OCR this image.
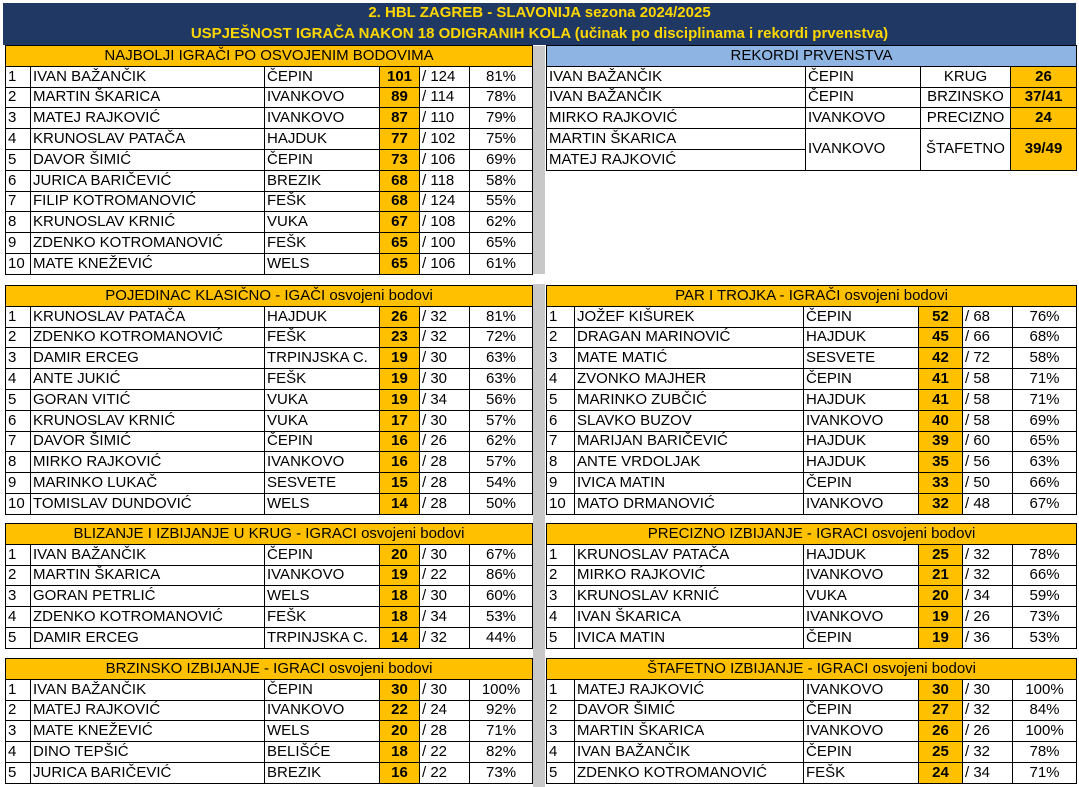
2. HBL ZAGREB - SLAVONIJA sezona 2024/2025
USPJEŠNOST IGRAČA NAKON 18 ODIGRANIH KOLA (učinak po disciplinama i rekordi prvenstva)
NAJBOLJI IGRAČI PO OSVOJENIM BODOVIMA					
1	IVAN BAŽANČIK	ČEPIN	101	/ 124	81%
2	MARTIN ŠKARICA	IVANKOVO	89	/ 114	78%
3	MATEJ RAJKOVIĆ	IVANKOVO	87	/ 110	79%
4	KRUNOSLAV PATAČA	HAJDUK	77	/ 102	75%
5	DAVOR ŠIMIĆ	ČEPIN	73	/ 106	69%
6	JURICA BARIČEVIĆ	BREZIK	68	/ 118	58%
7	FILIP KOTROMANOVIĆ	FEŠK	68	/ 124	55%
8	KRUNOSLAV KRNIĆ	VUKA	67	/ 108	62%
9	ZDENKO KOTROMANOVIĆ	FEŠK	65	/ 100	65%
10	MATE KNEŽEVIĆ	WELS	65	/ 106	61%
REKORDI PRVENSTVA			
IVAN BAŽANČIK	ČEPIN	KRUG	26
IVAN BAŽANČIK	ČEPIN	BRZINSKO	37/41
MIRKO RAJKOVIĆ	IVANKOVO	PRECIZNO	24
MARTIN ŠKARICA	IVANKOVO	ŠTAFETNO	39/49
MATEJ RAJKOVIĆ			
POJEDINAC KLASIČNO - IGAČI osvojeni bodovi					
1	KRUNOSLAV PATAČA	HAJDUK	26	/ 32	81%
2	ZDENKO KOTROMANOVIĆ	FEŠK	23	/ 32	72%
3	DAMIR ERCEG	TRPINJSKA C.	19	/ 30	63%
4	ANTE JUKIĆ	FEŠK	19	/ 30	63%
5	GORAN VITIĆ	VUKA	19	/ 34	56%
6	KRUNOSLAV KRNIĆ	VUKA	17	/ 30	57%
7	DAVOR ŠIMIĆ	ČEPIN	16	/ 26	62%
8	MIRKO RAJKOVIĆ	IVANKOVO	16	/ 28	57%
9	MARINKO LUKAČ	SESVETE	15	/ 28	54%
10	TOMISLAV DUNDOVIĆ	WELS	14	/ 28	50%
PAR I TROJKA - IGRAČI osvojeni bodovi					
1	JOŽEF KIŠUREK	ČEPIN	52	/ 68	76%
2	DRAGAN MARINOVIĆ	HAJDUK	45	/ 66	68%
3	MATE MATIĆ	SESVETE	42	/ 72	58%
4	ZVONKO MAJHER	ČEPIN	41	/ 58	71%
5	MARINKO ZUBČIĆ	HAJDUK	41	/ 58	71%
6	SLAVKO BUZOV	IVANKOVO	40	/ 58	69%
7	MARIJAN BARIČEVIĆ	HAJDUK	39	/ 60	65%
8	ANTE VRDOLJAK	HAJDUK	35	/ 56	63%
9	IVICA MATIN	ČEPIN	33	/ 50	66%
10	MATO DRMANOVIĆ	IVANKOVO	32	/ 48	67%
BLIZANJE I IZBIJANJE U KRUG - IGRACI osvojeni bodovi					
1	IVAN BAŽANČIK	ČEPIN	20	/ 30	67%
2	MARTIN ŠKARICA	IVANKOVO	19	/ 22	86%
3	GORAN PETRLIĆ	WELS	18	/ 30	60%
4	ZDENKO KOTROMANOVIĆ	FEŠK	18	/ 34	53%
5	DAMIR ERCEG	TRPINJSKA C.	14	/ 32	44%
PRECIZNO IZBIJANJE - IGRACI osvojeni bodovi					
1	KRUNOSLAV PATAČA	HAJDUK	25	/ 32	78%
2	MIRKO RAJKOVIĆ	IVANKOVO	21	/ 32	66%
3	KRUNOSLAV KRNIĆ	VUKA	20	/ 34	59%
4	IVAN ŠKARICA	IVANKOVO	19	/ 26	73%
5	IVICA MATIN	ČEPIN	19	/ 36	53%
BRZINSKO IZBIJANJE - IGRACI osvojeni bodovi					
1	IVAN BAŽANČIK	ČEPIN	30	/ 30	100%
2	MATEJ RAJKOVIĆ	IVANKOVO	22	/ 24	92%
3	MATE KNEŽEVIĆ	WELS	20	/ 28	71%
4	DINO TEPŠIĆ	BELIŠĆE	18	/ 22	82%
5	JURICA BARIČEVIĆ	BREZIK	16	/ 22	73%
ŠTAFETNO IZBIJANJE - IGRACI osvojeni bodovi					
1	MATEJ RAJKOVIĆ	IVANKOVO	30	/ 30	100%
2	DAVOR ŠIMIĆ	ČEPIN	27	/ 32	84%
3	MARTIN ŠKARICA	IVANKOVO	26	/ 26	100%
4	IVAN BAŽANČIK	ČEPIN	25	/ 32	78%
5	ZDENKO KOTROMANOVIĆ	FEŠK	24	/ 34	71%
